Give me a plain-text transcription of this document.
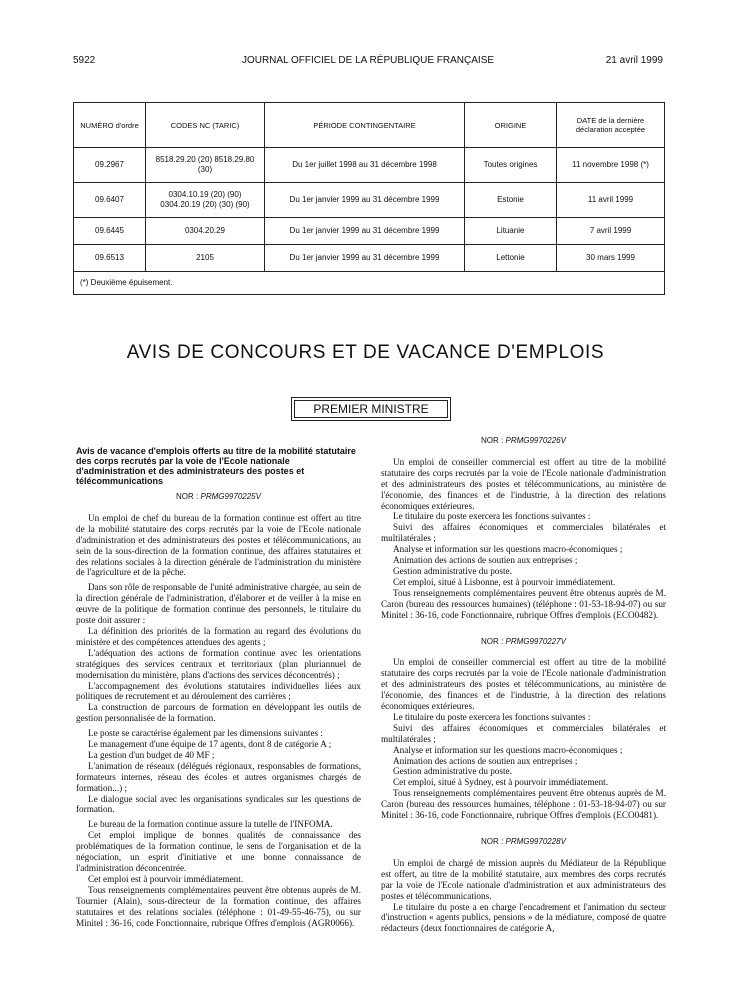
5922	JOURNAL OFFICIEL DE LA RÉPUBLIQUE FRANÇAISE	21 avril 1999
NUMÉRO d'ordre	CODES NC (TARIC)	PÉRIODE CONTINGENTAIRE	ORIGINE	DATE de la dernière déclaration acceptée
09.2967	8518.29.20 (20) 8518.29.80 (30)	Du 1er juillet 1998 au 31 décembre 1998	Toutes origines	11 novembre 1998 (*)
09.6407	0304.10.19 (20) (90) 0304.20.19 (20) (30) (90)	Du 1er janvier 1999 au 31 décembre 1999	Estonie	11 avril 1999
09.6445	0304.20.29	Du 1er janvier 1999 au 31 décembre 1999	Lituanie	7 avril 1999
09.6513	2105	Du 1er janvier 1999 au 31 décembre 1999	Lettonie	30 mars 1999
(*) Deuxième épuisement.				
AVIS DE CONCOURS ET DE VACANCE D'EMPLOIS
PREMIER MINISTRE

Avis de vacance d'emplois offerts au titre de la mobilité statutaire des corps recrutés par la voie de l'Ecole nationale d'administration et des administrateurs des postes et télécommunications

NOR : PRMG9970225V

Un emploi de chef du bureau de la formation continue est offert au titre de la mobilité statutaire des corps recrutés par la voie de l'Ecole nationale d'administration et des administrateurs des postes et télécommunications, au sein de la sous-direction de la formation continue, des affaires statutaires et des relations sociales à la direction générale de l'administration du ministère de l'agriculture et de la pêche.

Dans son rôle de responsable de l'unité administrative chargée, au sein de la direction générale de l'administration, d'élaborer et de veiller à la mise en œuvre de la politique de formation continue des personnels, le titulaire du poste doit assurer :

La définition des priorités de la formation au regard des évolutions du ministère et des compétences attendues des agents ;

L'adéquation des actions de formation continue avec les orientations stratégiques des services centraux et territoriaux (plan pluriannuel de modernisation du ministère, plans d'actions des services déconcentrés) ;

L'accompagnement des évolutions statutaires individuelles liées aux politiques de recrutement et au déroulement des carrières ;

La construction de parcours de formation en développant les outils de gestion personnalisée de la formation.

Le poste se caractérise également par les dimensions suivantes :

Le management d'une équipe de 17 agents, dont 8 de catégorie A ;

La gestion d'un budget de 40 MF ;

L'animation de réseaux (délégués régionaux, responsables de formations, formateurs internes, réseau des écoles et autres organismes chargés de formation...) ;

Le dialogue social avec les organisations syndicales sur les questions de formation.

Le bureau de la formation continue assure la tutelle de l'INFOMA.

Cet emploi implique de bonnes qualités de connaissance des problématiques de la formation continue, le sens de l'organisation et de la négociation, un esprit d'initiative et une bonne connaissance de l'administration déconcentrée.

Cet emploi est à pourvoir immédiatement.

Tous renseignements complémentaires peuvent être obtenus auprès de M. Tournier (Alain), sous-directeur de la formation continue, des affaires statutaires et des relations sociales (téléphone : 01-49-55-46-75), ou sur Minitel : 36-16, code Fonctionnaire, rubrique Offres d'emplois (AGR0066).

NOR : PRMG9970226V

Un emploi de conseiller commercial est offert au titre de la mobilité statutaire des corps recrutés par la voie de l'Ecole nationale d'administration et des administrateurs des postes et télécommunications, au ministère de l'économie, des finances et de l'industrie, à la direction des relations économiques extérieures.

Le titulaire du poste exercera les fonctions suivantes :

Suivi des affaires économiques et commerciales bilatérales et multilatérales ;

Analyse et information sur les questions macro-économiques ;

Animation des actions de soutien aux entreprises ;

Gestion administrative du poste.

Cet emploi, situé à Lisbonne, est à pourvoir immédiatement.

Tous renseignements complémentaires peuvent être obtenus auprès de M. Caron (bureau des ressources humaines) (téléphone : 01-53-18-94-07) ou sur Minitel : 36-16, code Fonctionnaire, rubrique Offres d'emplois (ECO0482).

NOR : PRMG9970227V

Un emploi de conseiller commercial est offert au titre de la mobilité statutaire des corps recrutés par la voie de l'Ecole nationale d'administration et des administrateurs des postes et télécommunications, au ministère de l'économie, des finances et de l'industrie, à la direction des relations économiques extérieures.

Le titulaire du poste exercera les fonctions suivantes :

Suivi des affaires économiques et commerciales bilatérales et multilatérales ;

Analyse et information sur les questions macro-économiques ;

Animation des actions de soutien aux entreprises ;

Gestion administrative du poste.

Cet emploi, situé à Sydney, est à pourvoir immédiatement.

Tous renseignements complémentaires peuvent être obtenus auprès de M. Caron (bureau des ressources humaines, téléphone : 01-53-18-94-07) ou sur Minitel : 36-16, code Fonctionnaire, rubrique Offres d'emplois (ECO0481).

NOR : PRMG9970228V

Un emploi de chargé de mission auprès du Médiateur de la République est offert, au titre de la mobilité statutaire, aux membres des corps recrutés par la voie de l'Ecole nationale d'administration et aux administrateurs des postes et télécommunications.

Le titulaire du poste a en charge l'encadrement et l'animation du secteur d'instruction « agents publics, pensions » de la médiature, composé de quatre rédacteurs (deux fonctionnaires de catégorie A,
